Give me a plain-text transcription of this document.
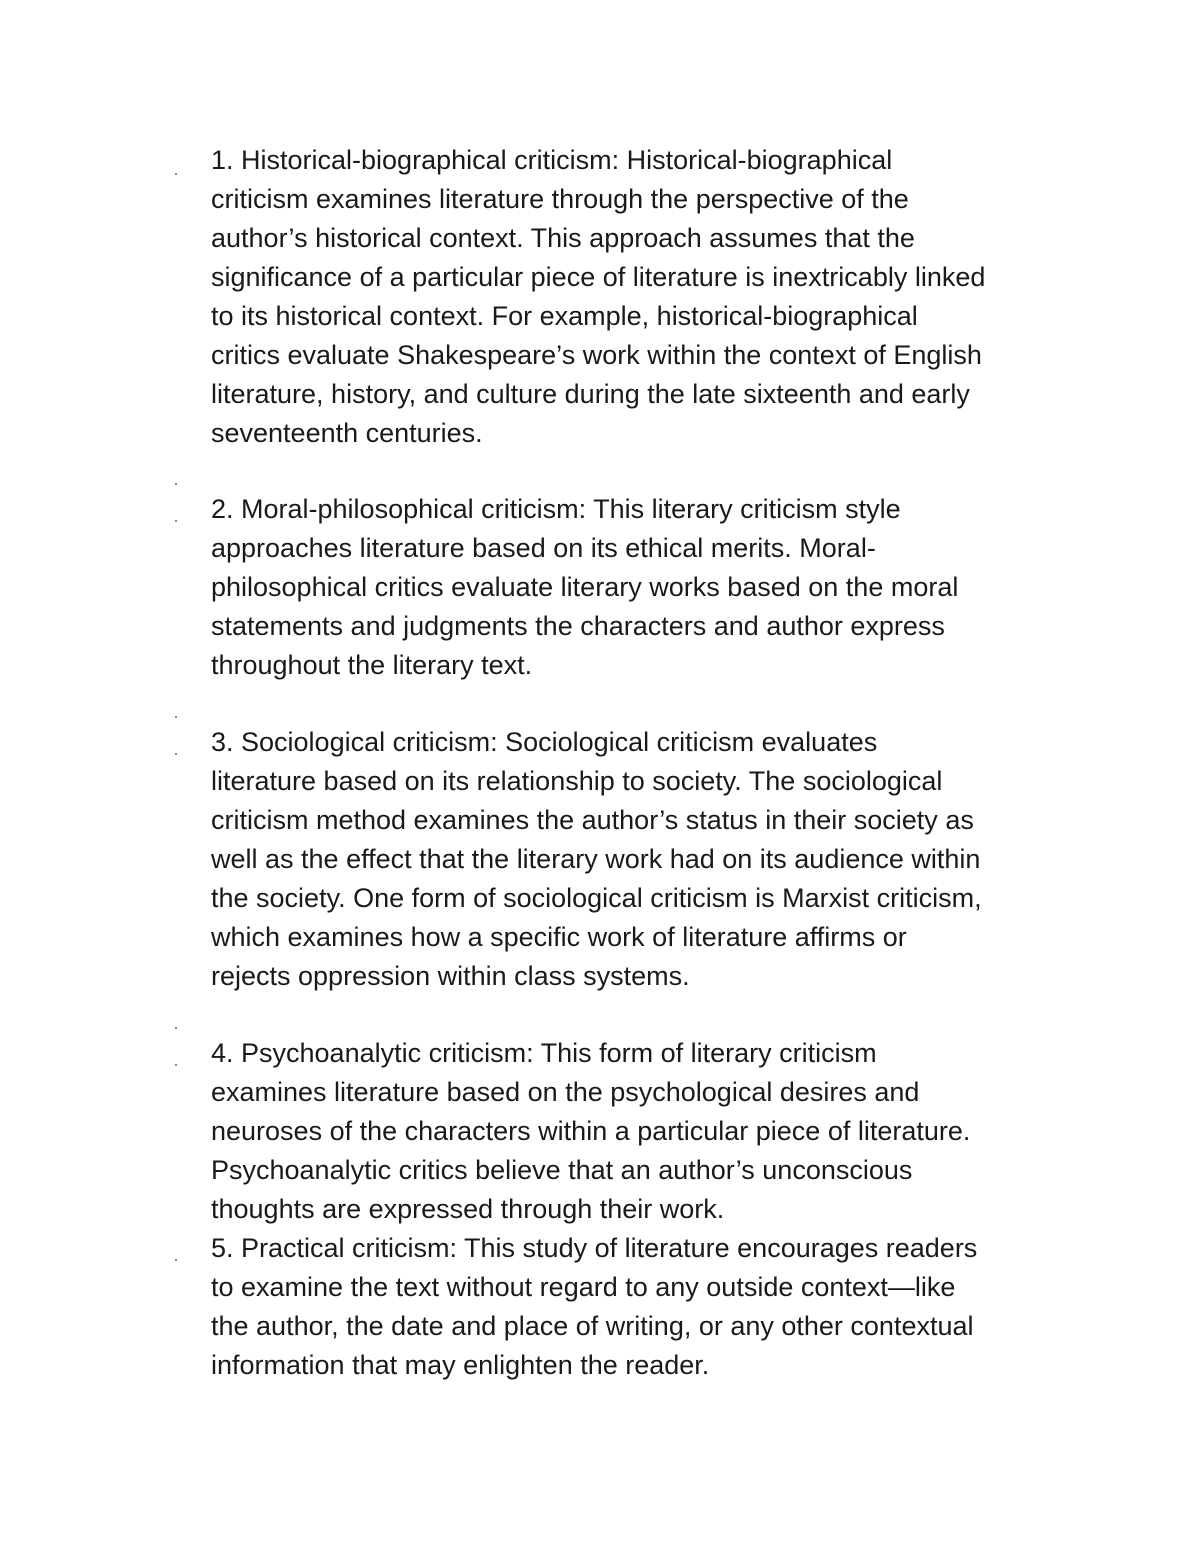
1. Historical-biographical criticism: Historical-biographical
criticism examines literature through the perspective of the
author’s historical context. This approach assumes that the
significance of a particular piece of literature is inextricably linked
to its historical context. For example, historical-biographical
critics evaluate Shakespeare’s work within the context of English
literature, history, and culture during the late sixteenth and early
seventeenth centuries.
2. Moral-philosophical criticism: This literary criticism style
approaches literature based on its ethical merits. Moral-
philosophical critics evaluate literary works based on the moral
statements and judgments the characters and author express
throughout the literary text.
3. Sociological criticism: Sociological criticism evaluates
literature based on its relationship to society. The sociological
criticism method examines the author’s status in their society as
well as the effect that the literary work had on its audience within
the society. One form of sociological criticism is Marxist criticism,
which examines how a specific work of literature affirms or
rejects oppression within class systems.
4. Psychoanalytic criticism: This form of literary criticism
examines literature based on the psychological desires and
neuroses of the characters within a particular piece of literature.
Psychoanalytic critics believe that an author’s unconscious
thoughts are expressed through their work.
5. Practical criticism: This study of literature encourages readers
to examine the text without regard to any outside context—like
the author, the date and place of writing, or any other contextual
information that may enlighten the reader.
